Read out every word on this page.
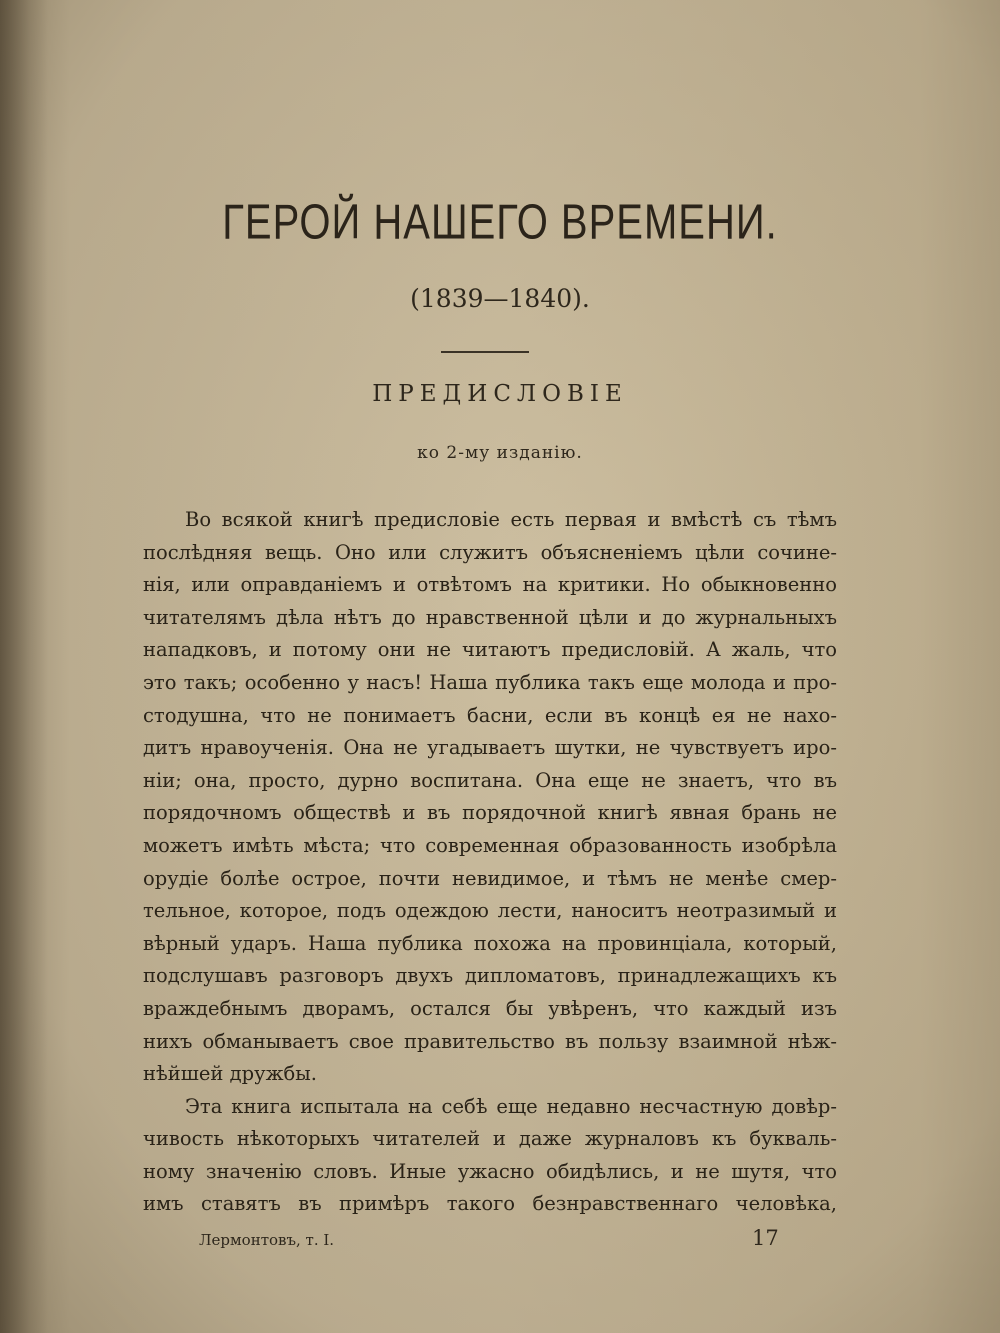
ГЕРОЙ НАШЕГО ВРЕМЕНИ.
(1839—1840).
ПРЕДИСЛОВІЕ
ко 2-му изданію.
Во всякой книгѣ предисловіе есть первая и вмѣстѣ съ тѣмъ
послѣдняя вещь. Оно или служитъ объясненіемъ цѣли сочине-
нія, или оправданіемъ и отвѣтомъ на критики. Но обыкновенно
читателямъ дѣла нѣтъ до нравственной цѣли и до журнальныхъ
нападковъ, и потому они не читаютъ предисловій. А жаль, что
это такъ; особенно у насъ! Наша публика такъ еще молода и про-
стодушна, что не понимаетъ басни, если въ концѣ ея не нахо-
дитъ нравоученія. Она не угадываетъ шутки, не чувствуетъ иро-
ніи; она, просто, дурно воспитана. Она еще не знаетъ, что въ
порядочномъ обществѣ и въ порядочной книгѣ явная брань не
можетъ имѣть мѣста; что современная образованность изобрѣла
орудіе болѣе острое, почти невидимое, и тѣмъ не менѣе смер-
тельное, которое, подъ одеждою лести, наноситъ неотразимый и
вѣрный ударъ. Наша публика похожа на провинціала, который,
подслушавъ разговоръ двухъ дипломатовъ, принадлежащихъ къ
враждебнымъ дворамъ, остался бы увѣренъ, что каждый изъ
нихъ обманываетъ свое правительство въ пользу взаимной нѣж-
нѣйшей дружбы.
Эта книга испытала на себѣ еще недавно несчастную довѣр-
чивость нѣкоторыхъ читателей и даже журналовъ къ букваль-
ному значенію словъ. Иные ужасно обидѣлись, и не шутя, что
имъ ставятъ въ примѣръ такого безнравственнаго человѣка,
Лермонтовъ, т. I.	17
